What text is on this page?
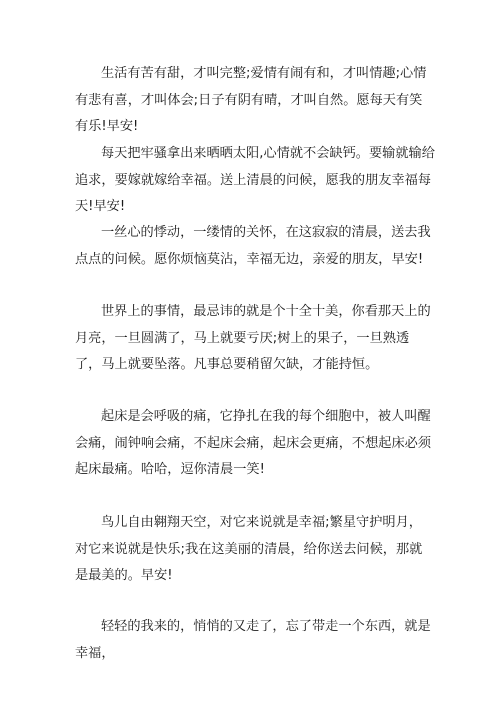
生活有苦有甜，才叫完整;爱情有闹有和，才叫情趣;心情有悲有喜，才叫体会;日子有阴有晴，才叫自然。愿每天有笑有乐!早安!

每天把牢骚拿出来晒晒太阳,心情就不会缺钙。要输就输给追求，要嫁就嫁给幸福。送上清晨的问候，愿我的朋友幸福每天!早安!

一丝心的悸动，一缕情的关怀，在这寂寂的清晨，送去我点点的问候。愿你烦恼莫沾，幸福无边，亲爱的朋友，早安!

世界上的事情，最忌讳的就是个十全十美，你看那天上的月亮，一旦圆满了，马上就要亏厌;树上的果子，一旦熟透了，马上就要坠落。凡事总要稍留欠缺，才能持恒。

起床是会呼吸的痛，它挣扎在我的每个细胞中，被人叫醒会痛，闹钟响会痛，不起床会痛，起床会更痛，不想起床必须起床最痛。哈哈，逗你清晨一笑!

鸟儿自由翱翔天空，对它来说就是幸福;繁星守护明月，对它来说就是快乐;我在这美丽的清晨，给你送去问候，那就是最美的。早安!

轻轻的我来的，悄悄的又走了，忘了带走一个东西，就是幸福，
